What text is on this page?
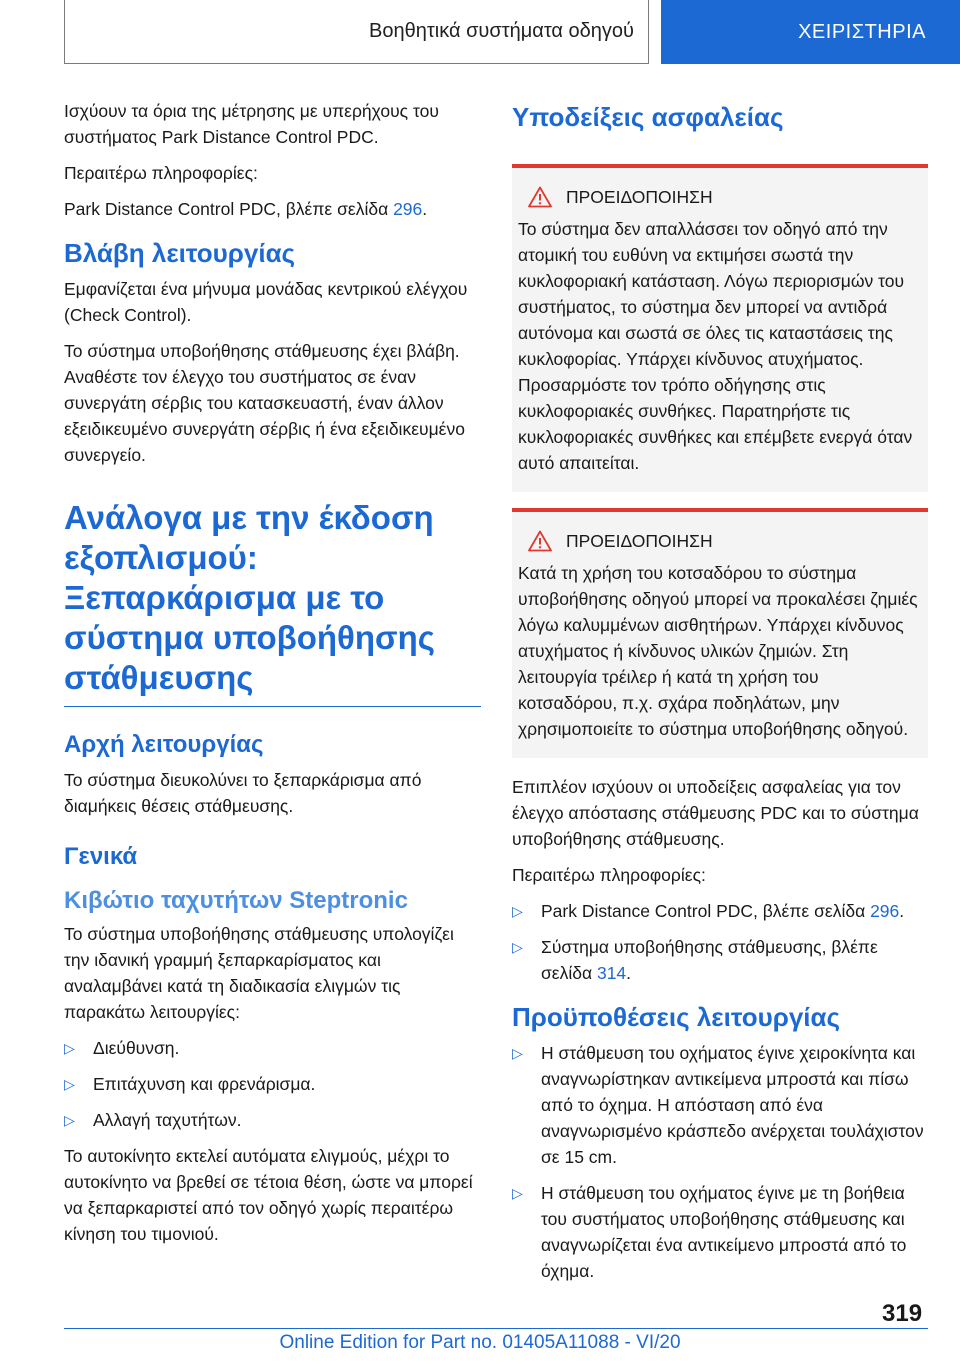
Βοηθητικά συστήματα οδηγού	ΧΕΙΡΙΣΤΗΡΙΑ

Ισχύουν τα όρια της μέτρησης με υπερήχους του συστήματος Park Distance Control PDC.

Περαιτέρω πληροφορίες:

Park Distance Control PDC, βλέπε σελίδα 296.

Βλάβη λειτουργίας

Εμφανίζεται ένα μήνυμα μονάδας κεντρικού ελέγχου (Check Control).

Το σύστημα υποβοήθησης στάθμευσης έχει βλάβη. Αναθέστε τον έλεγχο του συστήματος σε έναν συνεργάτη σέρβις του κατασκευαστή, έναν άλλον εξειδικευμένο συνεργάτη σέρβις ή ένα εξειδικευμένο συνεργείο.

Ανάλογα με την έκδοση εξοπλισμού: Ξεπαρκάρισμα με το σύστημα υποβοήθησης στάθμευσης
Αρχή λειτουργίας

Το σύστημα διευκολύνει το ξεπαρκάρισμα από διαμήκεις θέσεις στάθμευσης.

Γενικά
Κιβώτιο ταχυτήτων Steptronic

Το σύστημα υποβοήθησης στάθμευσης υπολογίζει την ιδανική γραμμή ξεπαρκαρίσματος και αναλαμβάνει κατά τη διαδικασία ελιγμών τις παρακάτω λειτουργίες:

▷ Διεύθυνση.
▷ Επιτάχυνση και φρενάρισμα.
▷ Αλλαγή ταχυτήτων.

Το αυτοκίνητο εκτελεί αυτόματα ελιγμούς, μέχρι το αυτοκίνητο να βρεθεί σε τέτοια θέση, ώστε να μπορεί να ξεπαρκαριστεί από τον οδηγό χωρίς περαιτέρω κίνηση του τιμονιού.

Υποδείξεις ασφαλείας
ΠΡΟΕΙΔΟΠΟΙΗΣΗ

Το σύστημα δεν απαλλάσσει τον οδηγό από την ατομική του ευθύνη να εκτιμήσει σωστά την κυκλοφοριακή κατάσταση. Λόγω περιορισμών του συστήματος, το σύστημα δεν μπορεί να αντιδρά αυτόνομα και σωστά σε όλες τις καταστάσεις της κυκλοφορίας. Υπάρχει κίνδυνος ατυχήματος. Προσαρμόστε τον τρόπο οδήγησης στις κυκλοφοριακές συνθήκες. Παρατηρήστε τις κυκλοφοριακές συνθήκες και επέμβετε ενεργά όταν αυτό απαιτείται.

ΠΡΟΕΙΔΟΠΟΙΗΣΗ

Κατά τη χρήση του κοτσαδόρου το σύστημα υποβοήθησης οδηγού μπορεί να προκαλέσει ζημιές λόγω καλυμμένων αισθητήρων. Υπάρχει κίνδυνος ατυχήματος ή κίνδυνος υλικών ζημιών. Στη λειτουργία τρέιλερ ή κατά τη χρήση του κοτσαδόρου, π.χ. σχάρα ποδηλάτων, μην χρησιμοποιείτε το σύστημα υποβοήθησης οδηγού.

Επιπλέον ισχύουν οι υποδείξεις ασφαλείας για τον έλεγχο απόστασης στάθμευσης PDC και το σύστημα υποβοήθησης στάθμευσης.

Περαιτέρω πληροφορίες:

▷ Park Distance Control PDC, βλέπε σελίδα 296.
▷ Σύστημα υποβοήθησης στάθμευσης, βλέπε σελίδα 314.
Προϋποθέσεις λειτουργίας
▷ Η στάθμευση του οχήματος έγινε χειροκίνητα και αναγνωρίστηκαν αντικείμενα μπροστά και πίσω από το όχημα. Η απόσταση από ένα αναγνωρισμένο κράσπεδο ανέρχεται τουλάχιστον σε 15 cm.
▷ Η στάθμευση του οχήματος έγινε με τη βοήθεια του συστήματος υποβοήθησης στάθμευσης και αναγνωρίζεται ένα αντικείμενο μπροστά από το όχημα.
319
Online Edition for Part no. 01405A11088 - VI/20
